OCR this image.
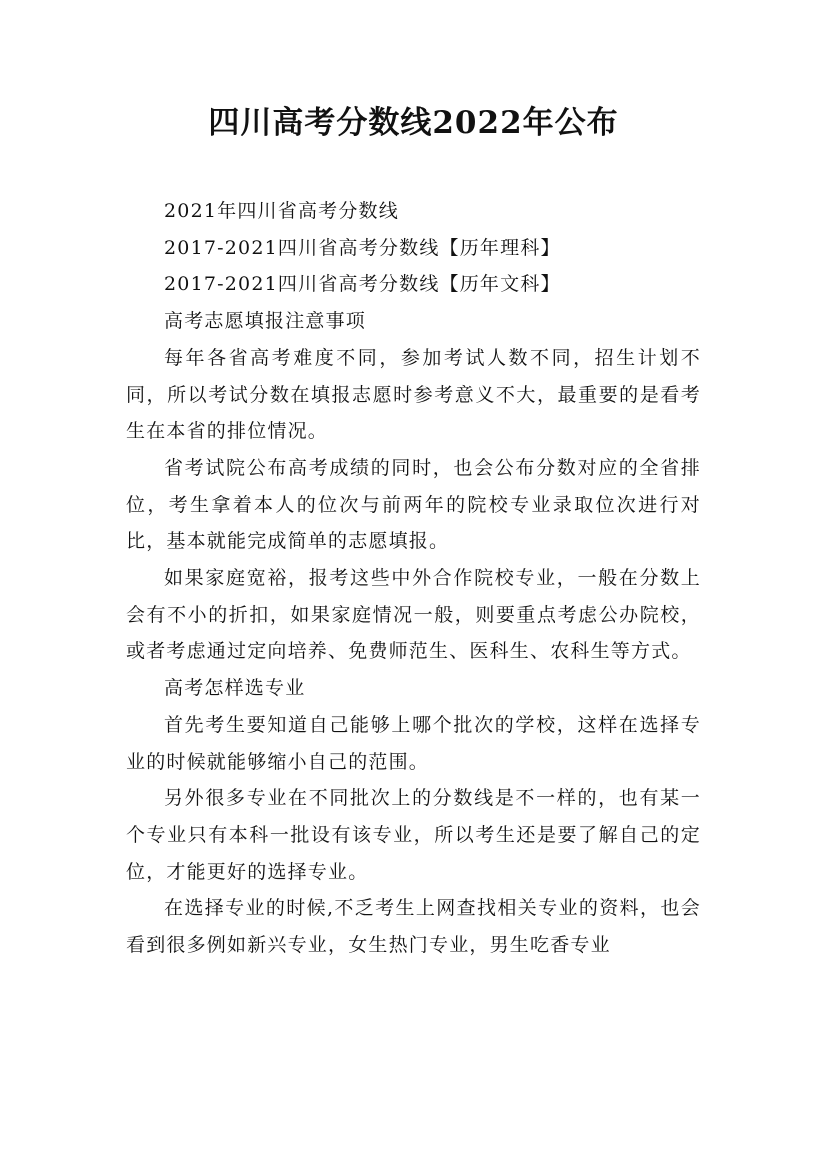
四川高考分数线2022年公布

2021年四川省高考分数线

2017-2021四川省高考分数线【历年理科】

2017-2021四川省高考分数线【历年文科】

高考志愿填报注意事项

每年各省高考难度不同，参加考试人数不同，招生计划不同，所以考试分数在填报志愿时参考意义不大，最重要的是看考生在本省的排位情况。

省考试院公布高考成绩的同时，也会公布分数对应的全省排位，考生拿着本人的位次与前两年的院校专业录取位次进行对比，基本就能完成简单的志愿填报。

如果家庭宽裕，报考这些中外合作院校专业，一般在分数上会有不小的折扣，如果家庭情况一般，则要重点考虑公办院校，或者考虑通过定向培养、免费师范生、医科生、农科生等方式。

高考怎样选专业

首先考生要知道自己能够上哪个批次的学校，这样在选择专业的时候就能够缩小自己的范围。

另外很多专业在不同批次上的分数线是不一样的，也有某一个专业只有本科一批设有该专业，所以考生还是要了解自己的定位，才能更好的选择专业。

在选择专业的时候,不乏考生上网查找相关专业的资料，也会看到很多例如新兴专业，女生热门专业，男生吃香专业
